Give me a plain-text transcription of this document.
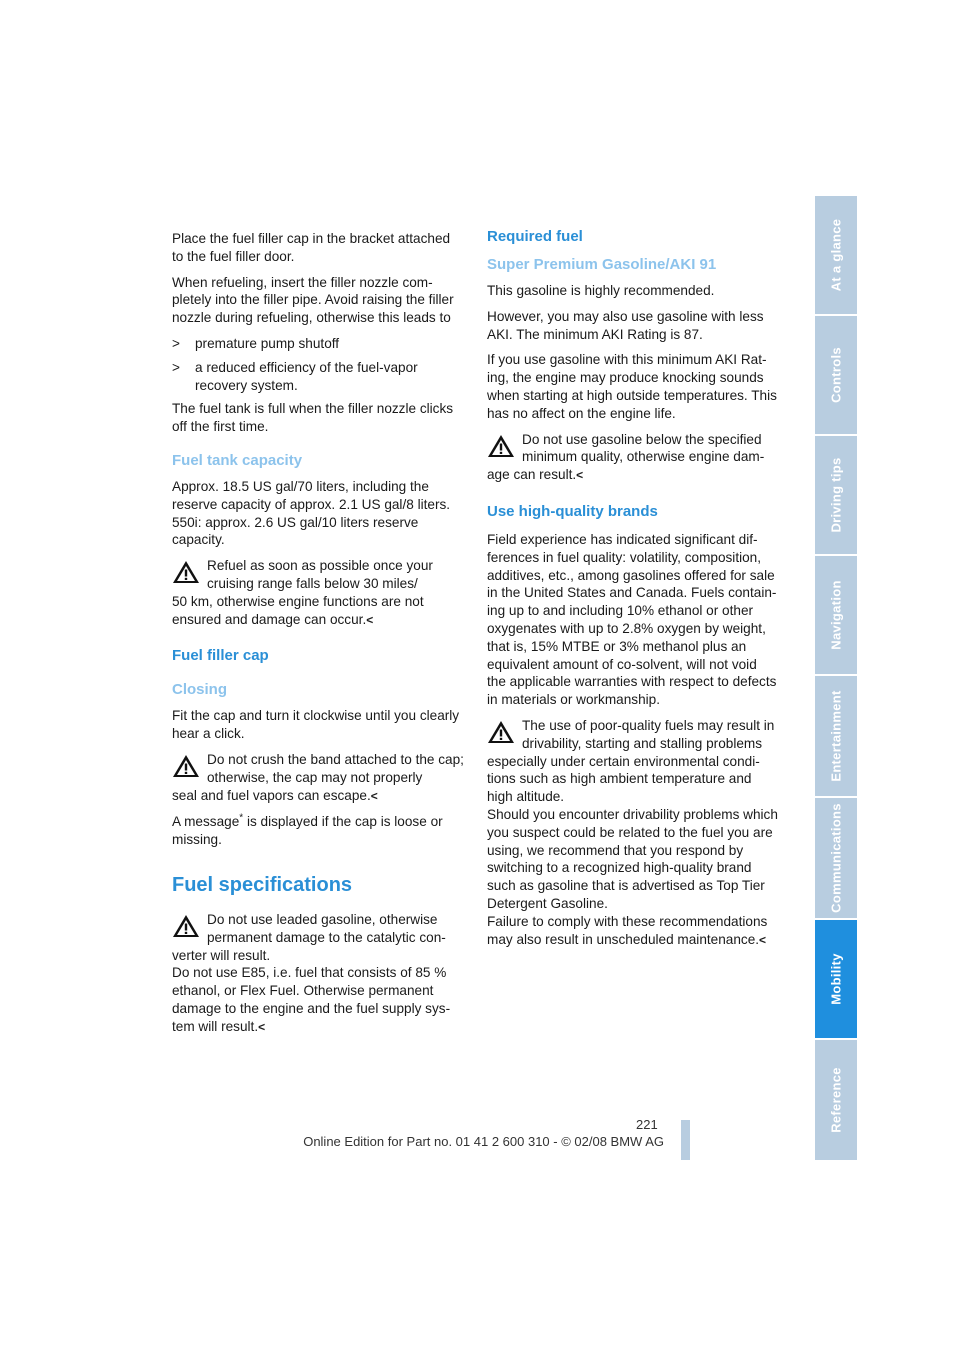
Place the fuel filler cap in the bracket attached to the fuel filler door.

When refueling, insert the filler nozzle com-pletely into the filler pipe. Avoid raising the filler nozzle during refueling, otherwise this leads to

>	premature pump shutoff
>	a reduced efficiency of the fuel-vapor recovery system.

The fuel tank is full when the filler nozzle clicks off the first time.

Fuel tank capacity

Approx. 18.5 US gal/70 liters, including the reserve capacity of approx. 2.1 US gal/8 liters. 550i: approx. 2.6 US gal/10 liters reserve capacity.

Refuel as soon as possible once your cruising range falls below 30 miles/
50 km, otherwise engine functions are not ensured and damage can occur.<
Fuel filler cap
Closing

Fit the cap and turn it clockwise until you clearly hear a click.

Do not crush the band attached to the cap; otherwise, the cap may not properly
seal and fuel vapors can escape.<

A message* is displayed if the cap is loose or missing.

Fuel specifications
Do not use leaded gasoline, otherwise permanent damage to the catalytic con-
verter will result.
Do not use E85, i.e. fuel that consists of 85 % ethanol, or Flex Fuel. Otherwise permanent damage to the engine and the fuel supply sys-tem will result.<
Required fuel
Super Premium Gasoline/AKI 91

This gasoline is highly recommended.

However, you may also use gasoline with less AKI. The minimum AKI Rating is 87.

If you use gasoline with this minimum AKI Rat-ing, the engine may produce knocking sounds when starting at high outside temperatures. This has no affect on the engine life.

Do not use gasoline below the specified minimum quality, otherwise engine dam-
age can result.<
Use high-quality brands

Field experience has indicated significant dif-ferences in fuel quality: volatility, composition, additives, etc., among gasolines offered for sale in the United States and Canada. Fuels contain-ing up to and including 10% ethanol or other oxygenates with up to 2.8% oxygen by weight, that is, 15% MTBE or 3% methanol plus an equivalent amount of co-solvent, will not void the applicable warranties with respect to defects in materials or workmanship.

The use of poor-quality fuels may result in drivability, starting and stalling problems
especially under certain environmental condi-tions such as high ambient temperature and high altitude.
Should you encounter drivability problems which you suspect could be related to the fuel you are using, we recommend that you respond by switching to a recognized high-quality brand such as gasoline that is advertised as Top Tier Detergent Gasoline.
Failure to comply with these recommendations may also result in unscheduled maintenance.<
At a glance
Controls
Driving tips
Navigation
Entertainment
Communications
Mobility
Reference
221
Online Edition for Part no. 01 41 2 600 310 - © 02/08 BMW AG
